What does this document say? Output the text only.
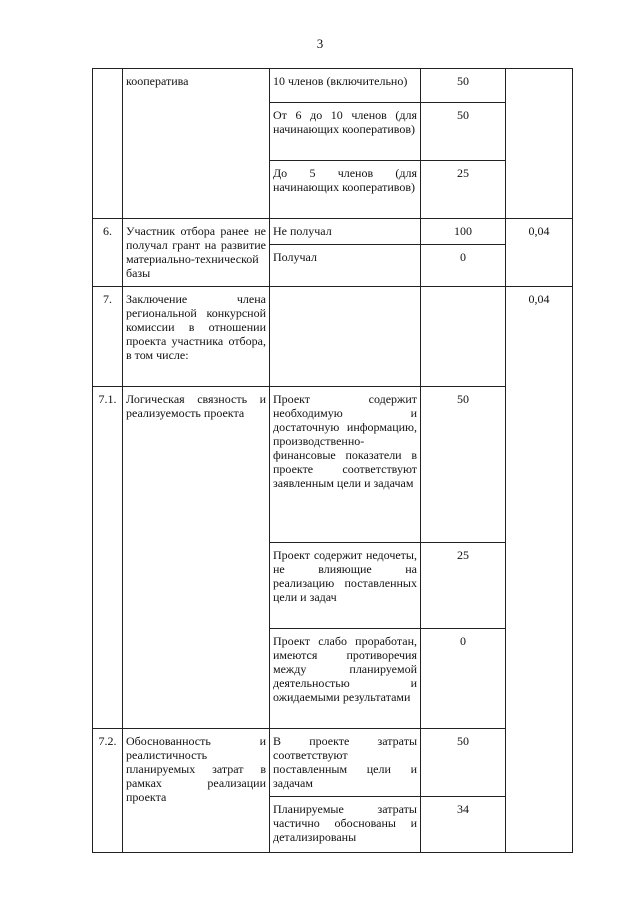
3
	кооператива	10 членов (включительно)	50	
		От 6 до 10 членов (для начинающих кооперативов)	50	
		До 5 членов (для начинающих кооперативов)	25	
6.	Участник отбора ранее не получал грант на развитие материально-технической базы	Не получал	100	0,04
		Получал	0	
7.	Заключение члена региональной конкурсной комиссии в отношении проекта участника отбора, в том числе:			0,04
7.1.	Логическая связность и реализуемость проекта	Проект содержит необходимую и достаточную информацию, производственно-финансовые показатели в проекте соответствуют заявленным цели и задачам	50	
		Проект содержит недочеты, не влияющие на реализацию поставленных цели и задач	25	
		Проект слабо проработан, имеются противоречия между планируемой деятельностью и ожидаемыми результатами	0	
7.2.	Обоснованность и реалистичность планируемых затрат в рамках реализации проекта	В проекте затраты соответствуют поставленным цели и задачам	50	
		Планируемые затраты частично обоснованы и детализированы	34	
